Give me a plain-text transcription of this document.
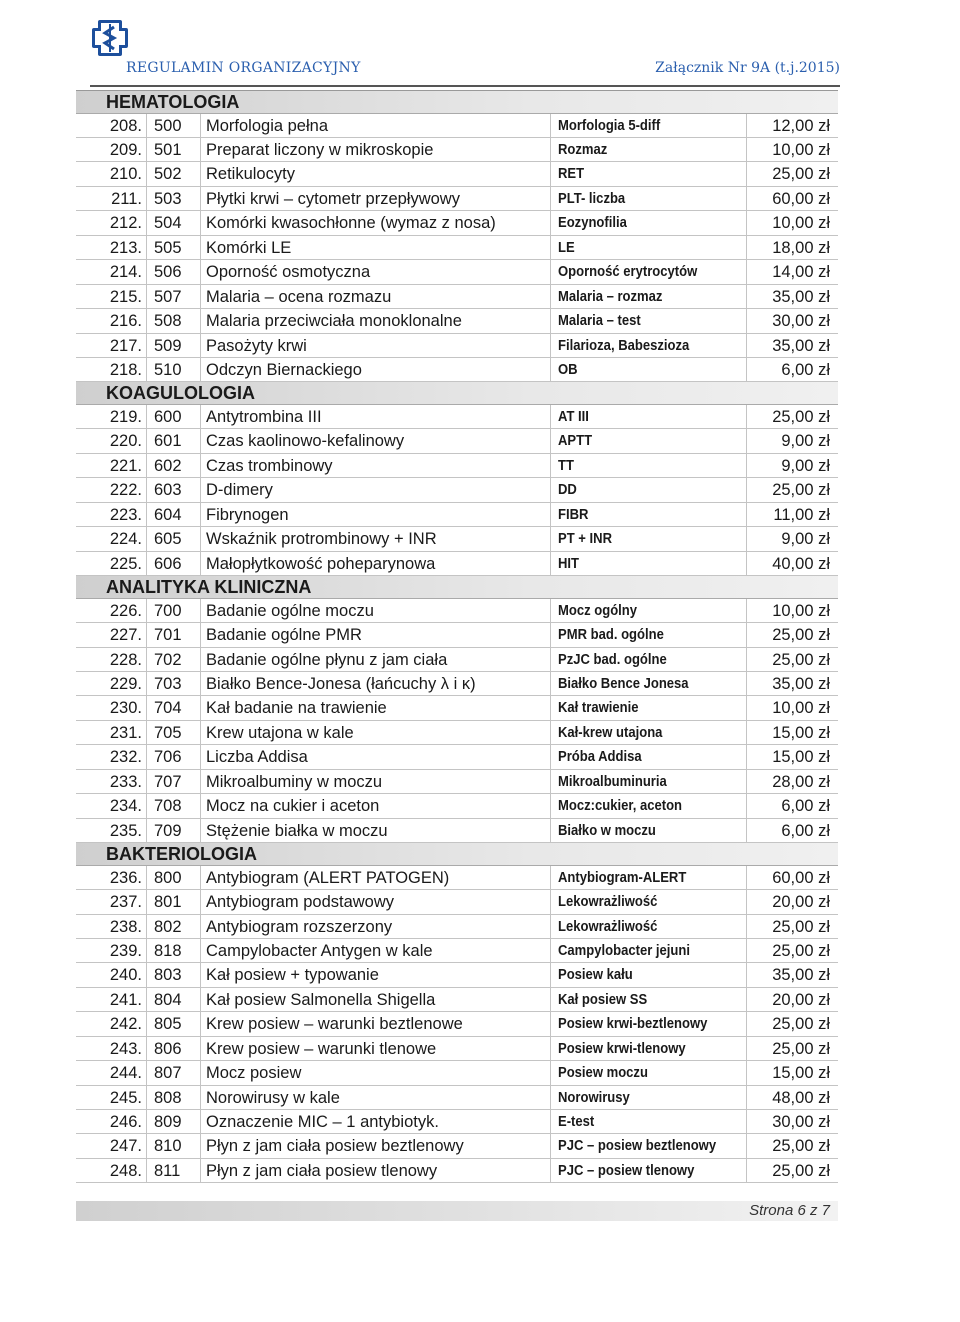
REGULAMIN ORGANIZACYJNY	Załącznik Nr 9A (t.j.2015)
HEMATOLOGIA
208. 500	Morfologia pełna	Morfologia 5-diff	12,00 zł
209. 501	Preparat liczony w mikroskopie	Rozmaz	10,00 zł
210. 502	Retikulocyty	RET	25,00 zł
211. 503	Płytki krwi – cytometr przepływowy	PLT- liczba	60,00 zł
212. 504	Komórki kwasochłonne (wymaz z nosa)	Eozynofilia	10,00 zł
213. 505	Komórki LE	LE	18,00 zł
214. 506	Oporność osmotyczna	Oporność erytrocytów	14,00 zł
215. 507	Malaria – ocena rozmazu	Malaria – rozmaz	35,00 zł
216. 508	Malaria przeciwciała monoklonalne	Malaria – test	30,00 zł
217. 509	Pasożyty krwi	Filarioza, Babeszioza	35,00 zł
218. 510	Odczyn Biernackiego	OB	6,00 zł
KOAGULOLOGIA
219. 600	Antytrombina III	AT III	25,00 zł
220. 601	Czas kaolinowo-kefalinowy	APTT	9,00 zł
221. 602	Czas trombinowy	TT	9,00 zł
222. 603	D-dimery	DD	25,00 zł
223. 604	Fibrynogen	FIBR	11,00 zł
224. 605	Wskaźnik protrombinowy + INR	PT + INR	9,00 zł
225. 606	Małopłytkowość poheparynowa	HIT	40,00 zł
ANALITYKA KLINICZNA
226. 700	Badanie ogólne moczu	Mocz ogólny	10,00 zł
227. 701	Badanie ogólne PMR	PMR bad. ogólne	25,00 zł
228. 702	Badanie ogólne płynu z jam ciała	PzJC bad. ogólne	25,00 zł
229. 703	Białko Bence-Jonesa (łańcuchy λ i κ)	Białko Bence Jonesa	35,00 zł
230. 704	Kał badanie na trawienie	Kał trawienie	10,00 zł
231. 705	Krew utajona w kale	Kał-krew utajona	15,00 zł
232. 706	Liczba Addisa	Próba Addisa	15,00 zł
233. 707	Mikroalbuminy w moczu	Mikroalbuminuria	28,00 zł
234. 708	Mocz na cukier i aceton	Mocz:cukier, aceton	6,00 zł
235. 709	Stężenie białka w moczu	Białko w moczu	6,00 zł
BAKTERIOLOGIA
236. 800	Antybiogram (ALERT PATOGEN)	Antybiogram-ALERT	60,00 zł
237. 801	Antybiogram podstawowy	Lekowrażliwość	20,00 zł
238. 802	Antybiogram rozszerzony	Lekowrażliwość	25,00 zł
239. 818	Campylobacter Antygen w kale	Campylobacter jejuni	25,00 zł
240. 803	Kał posiew + typowanie	Posiew kału	35,00 zł
241. 804	Kał posiew Salmonella Shigella	Kał posiew SS	20,00 zł
242. 805	Krew posiew – warunki beztlenowe	Posiew krwi-beztlenowy	25,00 zł
243. 806	Krew posiew – warunki tlenowe	Posiew krwi-tlenowy	25,00 zł
244. 807	Mocz posiew	Posiew moczu	15,00 zł
245. 808	Norowirusy w kale	Norowirusy	48,00 zł
246. 809	Oznaczenie MIC – 1 antybiotyk.	E-test	30,00 zł
247. 810	Płyn z jam ciała posiew beztlenowy	PJC – posiew beztlenowy	25,00 zł
248. 811	Płyn z jam ciała posiew tlenowy	PJC – posiew tlenowy	25,00 zł
Strona 6 z 7
